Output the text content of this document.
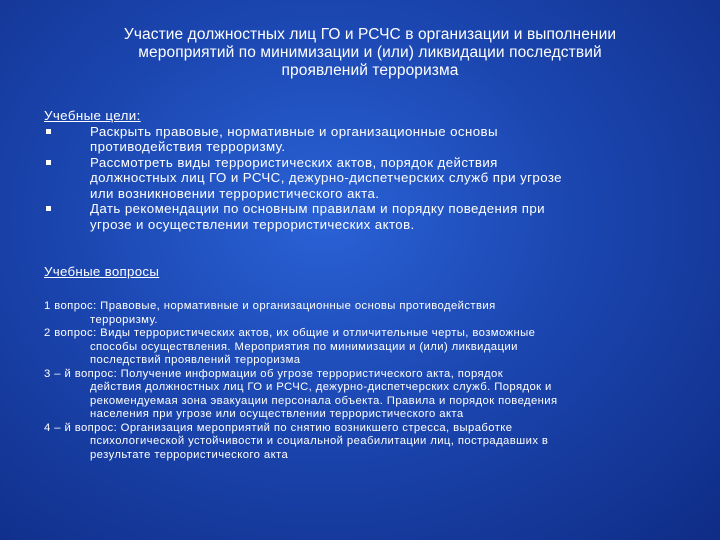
Участие должностных лиц ГО и РСЧС в организации и выполнении
мероприятий по минимизации и (или) ликвидации последствий
проявлений терроризма
Учебные цели:
Раскрыть правовые, нормативные и организационные основы
противодействия терроризму.
Рассмотреть виды террористических актов, порядок действия
должностных лиц ГО и РСЧС, дежурно-диспетчерских служб при угрозе
или возникновении террористического акта.
Дать рекомендации по основным правилам и порядку поведения при
угрозе и осуществлении террористических актов.
Учебные вопросы
1 вопрос: Правовые, нормативные и организационные основы противодействия
терроризму.
2 вопрос: Виды террористических актов, их общие и отличительные черты, возможные
способы осуществления. Мероприятия по минимизации и (или) ликвидации
последствий проявлений терроризма
3 – й вопрос: Получение информации об угрозе террористического акта, порядок
действия должностных лиц ГО и РСЧС, дежурно-диспетчерских служб. Порядок и
рекомендуемая зона эвакуации персонала объекта. Правила и порядок поведения
населения при угрозе или осуществлении террористического акта
4 – й вопрос: Организация мероприятий по снятию возникшего стресса, выработке
психологической устойчивости и социальной реабилитации лиц, пострадавших в
результате террористического акта
